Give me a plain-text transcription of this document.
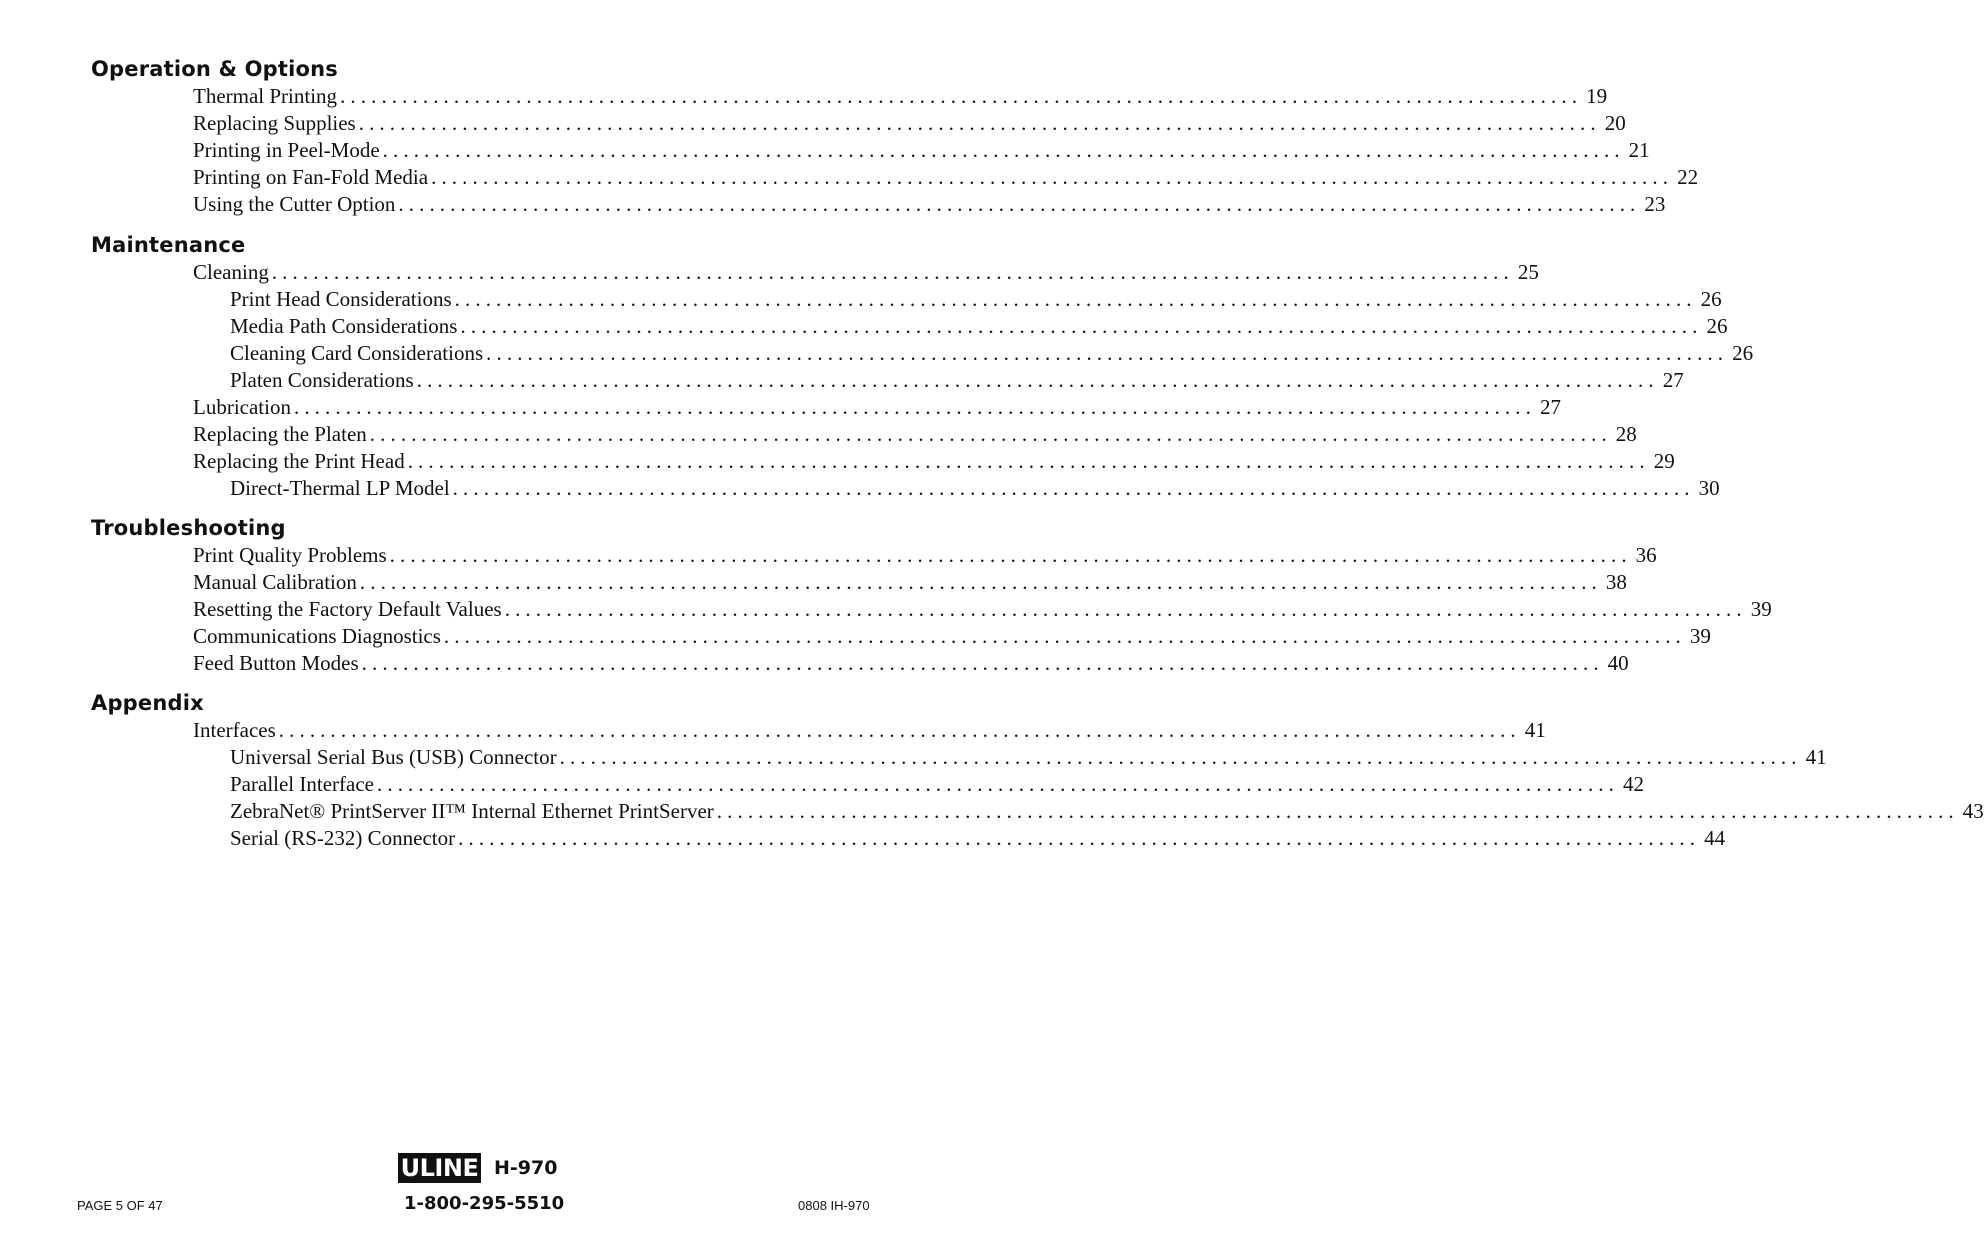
Operation & Options
Thermal Printing ........................................................................................................................ 19
Replacing Supplies ........................................................................................................................ 20
Printing in Peel-Mode ........................................................................................................................ 21
Printing on Fan-Fold Media ........................................................................................................................ 22
Using the Cutter Option ........................................................................................................................ 23
Maintenance
Cleaning ........................................................................................................................ 25
Print Head Considerations ........................................................................................................................ 26
Media Path Considerations ........................................................................................................................ 26
Cleaning Card Considerations ........................................................................................................................ 26
Platen Considerations ........................................................................................................................ 27
Lubrication ........................................................................................................................ 27
Replacing the Platen ........................................................................................................................ 28
Replacing the Print Head ........................................................................................................................ 29
Direct-Thermal LP Model ........................................................................................................................ 30
Troubleshooting
Print Quality Problems ........................................................................................................................ 36
Manual Calibration ........................................................................................................................ 38
Resetting the Factory Default Values ........................................................................................................................ 39
Communications Diagnostics ........................................................................................................................ 39
Feed Button Modes ........................................................................................................................ 40
Appendix
Interfaces ........................................................................................................................ 41
Universal Serial Bus (USB) Connector ........................................................................................................................ 41
Parallel Interface ........................................................................................................................ 42
ZebraNet® PrintServer II™ Internal Ethernet PrintServer ........................................................................................................................ 43
Serial (RS-232) Connector ........................................................................................................................ 44
ULINE H-970
1-800-295-5510
PAGE 5 OF 47	0808 IH-970
